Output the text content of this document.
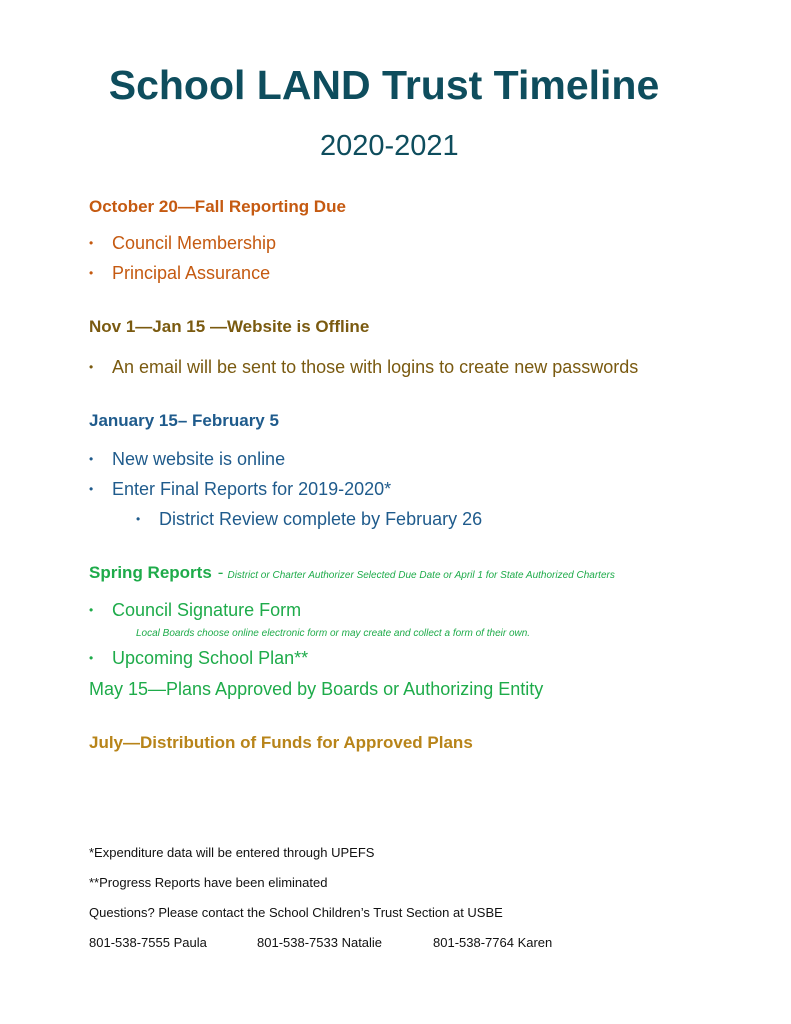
School LAND Trust Timeline
2020-2021
October 20—Fall Reporting Due
• Council Membership
• Principal Assurance
Nov 1—Jan 15 —Website is Offline
• An email will be sent to those with logins to create new passwords
January 15– February 5
• New website is online
• Enter Final Reports for 2019-2020*
• District Review complete by February 26
Spring Reports - District or Charter Authorizer Selected Due Date or April 1 for State Authorized Charters
• Council Signature Form
Local Boards choose online electronic form or may create and collect a form of their own.
• Upcoming School Plan**
May 15—Plans Approved by Boards or Authorizing Entity
July—Distribution of Funds for Approved Plans
*Expenditure data will be entered through UPEFS
**Progress Reports have been eliminated
Questions? Please contact the School Children’s Trust Section at USBE
801-538-7555 Paula	801-538-7533 Natalie	801-538-7764 Karen
